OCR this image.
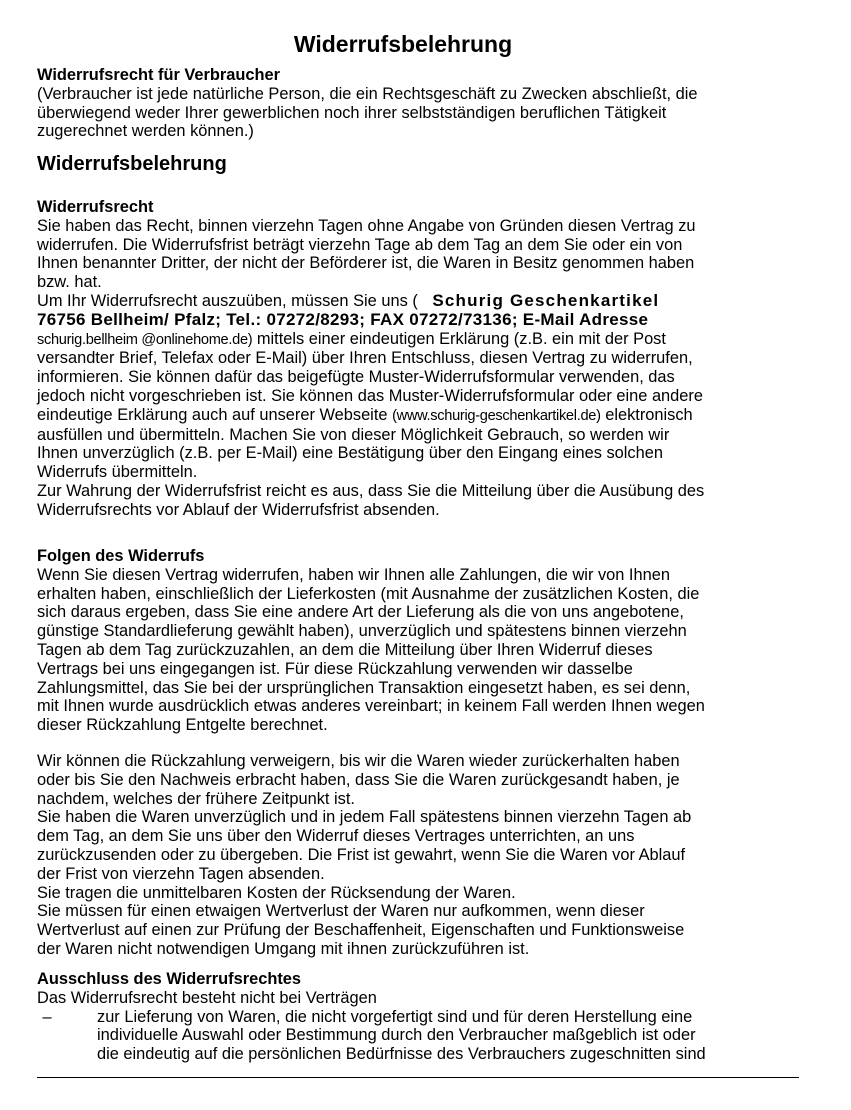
Widerrufsbelehrung
Widerrufsrecht für Verbraucher
(Verbraucher ist jede natürliche Person, die ein Rechtsgeschäft zu Zwecken abschließt, die
überwiegend weder Ihrer gewerblichen noch ihrer selbstständigen beruflichen Tätigkeit
zugerechnet werden können.)
Widerrufsbelehrung
Widerrufsrecht
Sie haben das Recht, binnen vierzehn Tagen ohne Angabe von Gründen diesen Vertrag zu
widerrufen. Die Widerrufsfrist beträgt vierzehn Tage ab dem Tag an dem Sie oder ein von
Ihnen benannter Dritter, der nicht der Beförderer ist, die Waren in Besitz genommen haben
bzw. hat.
Um Ihr Widerrufsrecht auszuüben, müssen Sie uns ( Schurig Geschenkartikel
76756 Bellheim/ Pfalz; Tel.: 07272/8293; FAX 07272/73136; E-Mail Adresse
schurig.bellheim @onlinehome.de) mittels einer eindeutigen Erklärung (z.B. ein mit der Post
versandter Brief, Telefax oder E-Mail) über Ihren Entschluss, diesen Vertrag zu widerrufen,
informieren. Sie können dafür das beigefügte Muster-Widerrufsformular verwenden, das
jedoch nicht vorgeschrieben ist. Sie können das Muster-Widerrufsformular oder eine andere
eindeutige Erklärung auch auf unserer Webseite (www.schurig-geschenkartikel.de) elektronisch
ausfüllen und übermitteln. Machen Sie von dieser Möglichkeit Gebrauch, so werden wir
Ihnen unverzüglich (z.B. per E-Mail) eine Bestätigung über den Eingang eines solchen
Widerrufs übermitteln.
Zur Wahrung der Widerrufsfrist reicht es aus, dass Sie die Mitteilung über die Ausübung des
Widerrufsrechts vor Ablauf der Widerrufsfrist absenden.
Folgen des Widerrufs
Wenn Sie diesen Vertrag widerrufen, haben wir Ihnen alle Zahlungen, die wir von Ihnen
erhalten haben, einschließlich der Lieferkosten (mit Ausnahme der zusätzlichen Kosten, die
sich daraus ergeben, dass Sie eine andere Art der Lieferung als die von uns angebotene,
günstige Standardlieferung gewählt haben), unverzüglich und spätestens binnen vierzehn
Tagen ab dem Tag zurückzuzahlen, an dem die Mitteilung über Ihren Widerruf dieses
Vertrags bei uns eingegangen ist. Für diese Rückzahlung verwenden wir dasselbe
Zahlungsmittel, das Sie bei der ursprünglichen Transaktion eingesetzt haben, es sei denn,
mit Ihnen wurde ausdrücklich etwas anderes vereinbart; in keinem Fall werden Ihnen wegen
dieser Rückzahlung Entgelte berechnet.
Wir können die Rückzahlung verweigern, bis wir die Waren wieder zurückerhalten haben
oder bis Sie den Nachweis erbracht haben, dass Sie die Waren zurückgesandt haben, je
nachdem, welches der frühere Zeitpunkt ist.
Sie haben die Waren unverzüglich und in jedem Fall spätestens binnen vierzehn Tagen ab
dem Tag, an dem Sie uns über den Widerruf dieses Vertrages unterrichten, an uns
zurückzusenden oder zu übergeben. Die Frist ist gewahrt, wenn Sie die Waren vor Ablauf
der Frist von vierzehn Tagen absenden.
Sie tragen die unmittelbaren Kosten der Rücksendung der Waren.
Sie müssen für einen etwaigen Wertverlust der Waren nur aufkommen, wenn dieser
Wertverlust auf einen zur Prüfung der Beschaffenheit, Eigenschaften und Funktionsweise
der Waren nicht notwendigen Umgang mit ihnen zurückzuführen ist.
Ausschluss des Widerrufsrechtes
Das Widerrufsrecht besteht nicht bei Verträgen
–	zur Lieferung von Waren, die nicht vorgefertigt sind und für deren Herstellung eine
individuelle Auswahl oder Bestimmung durch den Verbraucher maßgeblich ist oder
die eindeutig auf die persönlichen Bedürfnisse des Verbrauchers zugeschnitten sind
